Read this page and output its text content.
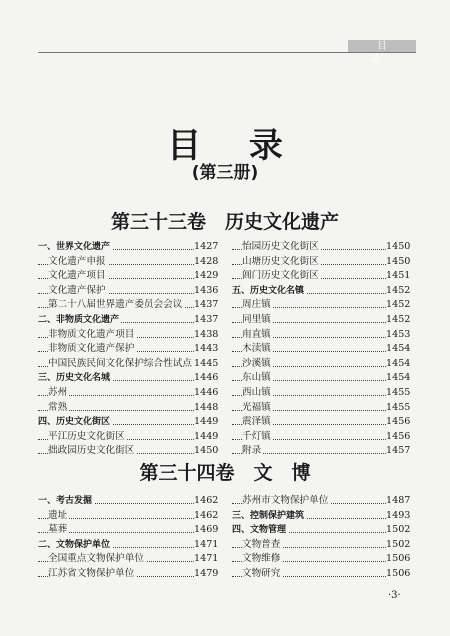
目 录
目 录
(第三册)
第三十三卷　历史文化遗产
一、世界文化遗产	1427
文化遗产申报	1428
文化遗产项目	1429
文化遗产保护	1436
第二十八届世界遗产委员会会议 1437
二、非物质文化遗产	1437
非物质文化遗产项目	1438
非物质文化遗产保护	1443
中国民族民间文化保护综合性试点 1445
三、历史文化名城	1446
苏州	1446
常熟	1448
四、历史文化街区	1449
平江历史文化街区	1449
拙政园历史文化街区	1450
怡园历史文化街区	1450
山塘历史文化街区	1450
阊门历史文化街区	1451
五、历史文化名镇	1452
周庄镇	1452
同里镇	1452
甪直镇	1453
木渎镇	1454
沙溪镇	1454
东山镇	1454
西山镇	1455
光福镇	1455
震泽镇	1456
千灯镇	1456
附录	1457
第三十四卷　文　博
一、考古发掘	1462
遗址	1462
墓葬	1469
二、文物保护单位	1471
全国重点文物保护单位	1471
江苏省文物保护单位	1479
苏州市文物保护单位	1487
三、控制保护建筑	1493
四、文物管理	1502
文物普查	1502
文物维修	1506
文物研究	1506
·3·
